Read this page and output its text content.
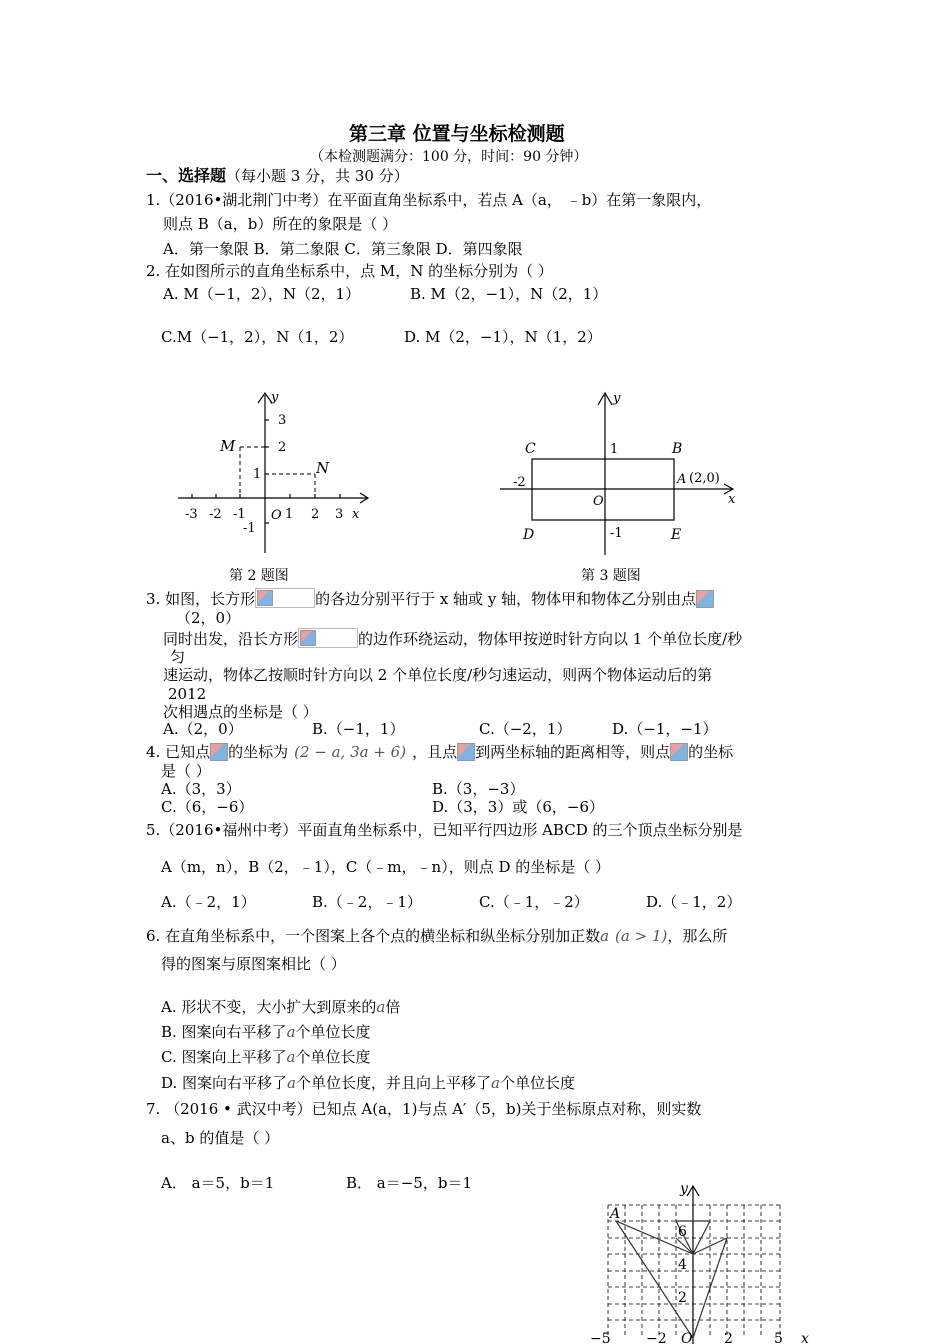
第三章 位置与坐标检测题
（本检测题满分：100 分，时间：90 分钟）
一、选择题（每小题 3 分，共 30 分）
1.（2016•湖北荆门中考）在平面直角坐标系中，若点 A（a， ﹣b）在第一象限内，
则点 B（a，b）所在的象限是（ ）
A．第一象限 B．第二象限 C．第三象限 D．第四象限
2. 在如图所示的直角坐标系中，点 M，N 的坐标分别为（ ）
A. M（−1，2），N（2，1）	B. M（2，−1），N（2，1）
C.M（−1，2），N（1，2）	D. M（2，−1），N（1，2）
y
x
O
M
N
-3 -2 -1	1 2 3
3
2
1
-1
第 2 题图
y
x
O
C	B
A (2,0)
D	E
1
-1
-2
第 3 题图
3. 如图，长方形	的各边分别平行于 x 轴或 y 轴，物体甲和物体乙分别由点
（2，0）
同时出发，沿长方形	的边作环绕运动，物体甲按逆时针方向以 1 个单位长度/秒
匀
速运动，物体乙按顺时针方向以 2 个单位长度/秒匀速运动，则两个物体运动后的第
2012
次相遇点的坐标是（ ）
A.（2，0）	B.（−1，1）	C.（−2，1）	D.（−1，−1）
4. 已知点 的坐标为 (2 − a, 3a + 6) ，且点 到两坐标轴的距离相等，则点 的坐标
是（ ）
A.（3，3）	B.（3，−3）
C.（6，−6）	D.（3，3）或（6，−6）
5.（2016•福州中考）平面直角坐标系中，已知平行四边形 ABCD 的三个顶点坐标分别是
A（m，n），B（2，﹣1），C（﹣m，﹣n），则点 D 的坐标是（ ）
A.（﹣2，1）	B.（﹣2，﹣1）	C.（﹣1，﹣2）	D.（﹣1，2）
6. 在直角坐标系中，一个图案上各个点的横坐标和纵坐标分别加正数a (a > 1)，那么所
得的图案与原图案相比（ ）
A. 形状不变，大小扩大到原来的a倍
B. 图案向右平移了a个单位长度
C. 图案向上平移了a个单位长度
D. 图案向右平移了a个单位长度，并且向上平移了a个单位长度
7. （2016 • 武汉中考）已知点 A(a，1)与点 A′（5，b)关于坐标原点对称，则实数
a、b 的值是（ ）
A． a＝5，b＝1	B． a＝−5，b＝1	y
A
6
4
2
−5	−2 O 2	5 x
